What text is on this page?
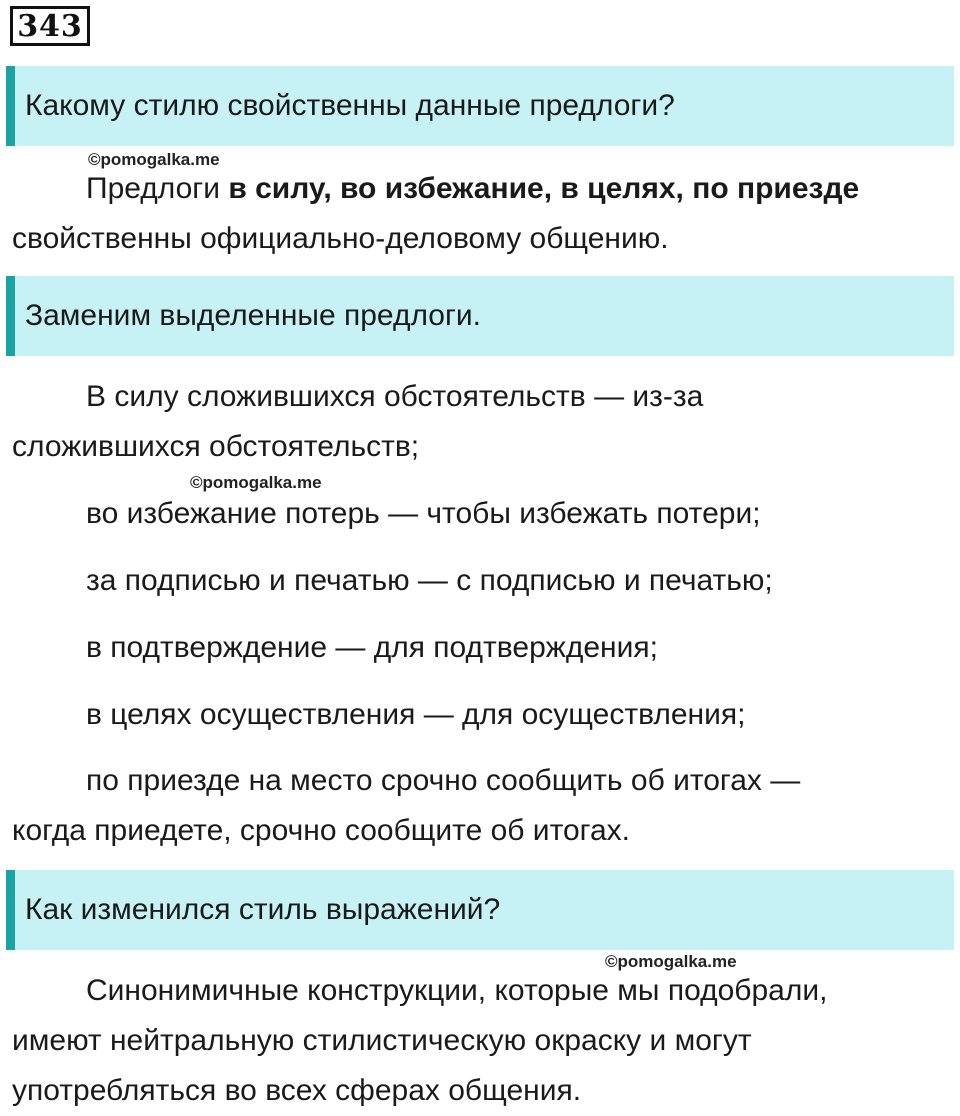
343
Какому стилю свойственны данные предлоги?
©pomogalka.me
Предлоги в силу, во избежание, в целях, по приезде
свойственны официально-деловому общению.
Заменим выделенные предлоги.
В силу сложившихся обстоятельств — из-за
сложившихся обстоятельств;
©pomogalka.me
во избежание потерь — чтобы избежать потери;
за подписью и печатью — с подписью и печатью;
в подтверждение — для подтверждения;
в целях осуществления — для осуществления;
по приезде на место срочно сообщить об итогах —
когда приедете, срочно сообщите об итогах.
Как изменился стиль выражений?
©pomogalka.me
Синонимичные конструкции, которые мы подобрали,
имеют нейтральную стилистическую окраску и могут
употребляться во всех сферах общения.
